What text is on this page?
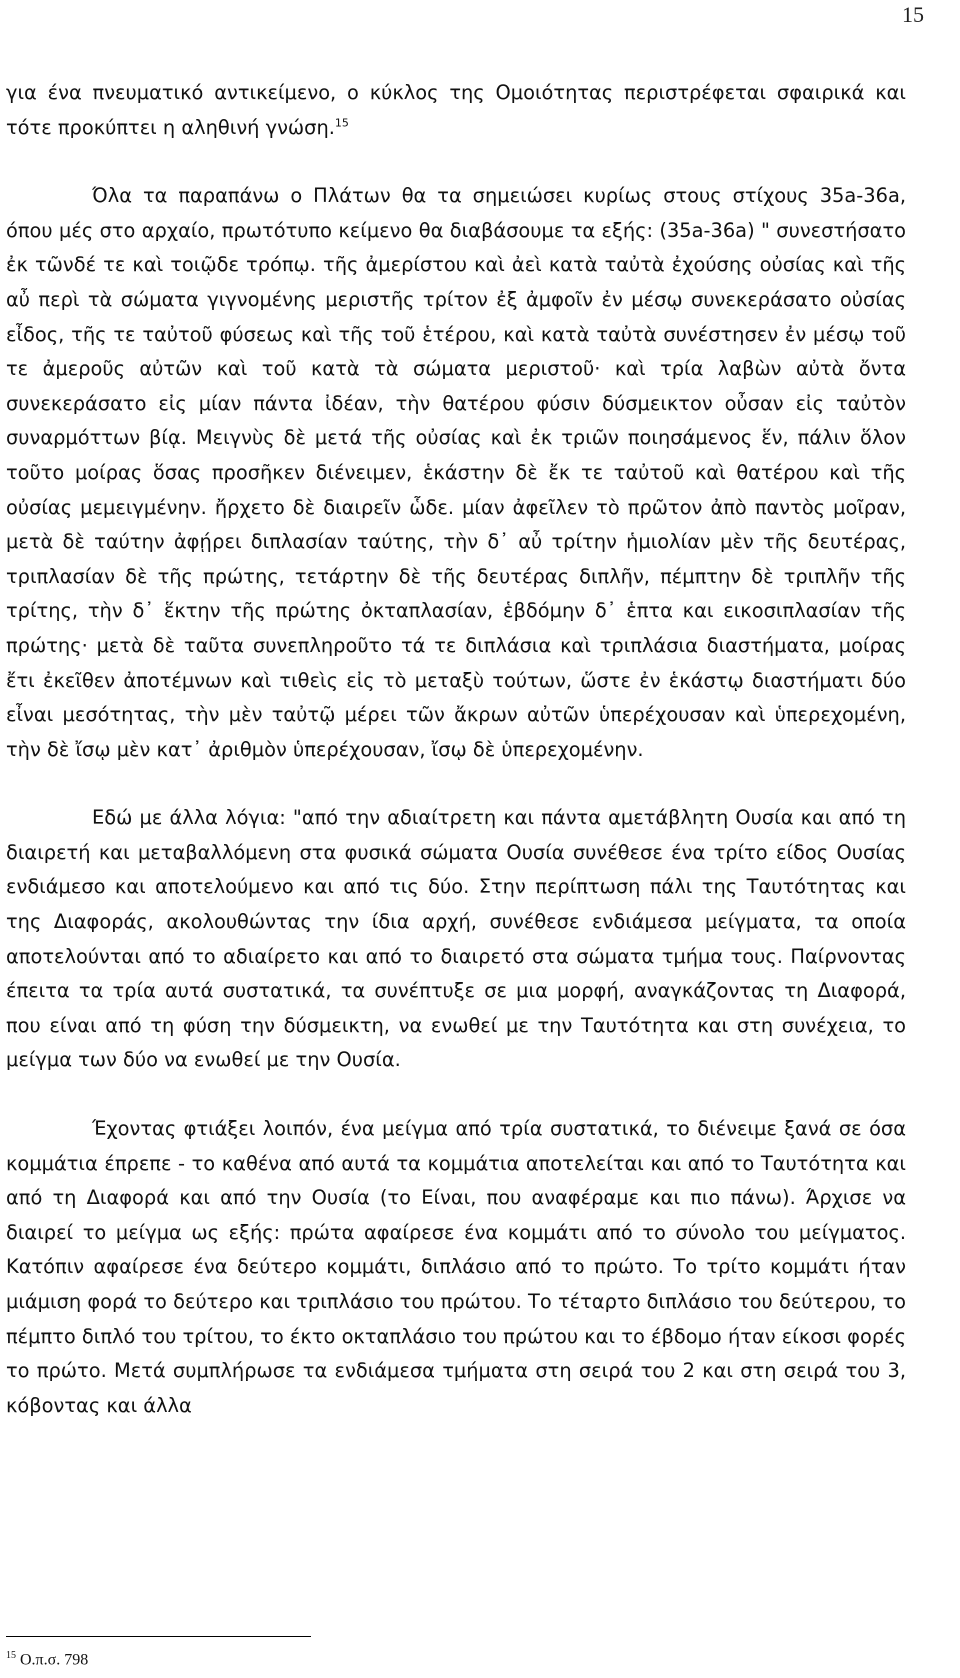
15

για ένα πνευματικό αντικείμενο, ο κύκλος της Ομοιότητας περιστρέφεται σφαιρικά και τότε προκύπτει η αληθινή γνώση.$^{15}$

Όλα τα παραπάνω ο Πλάτων θα τα σημειώσει κυρίως στους στίχους 35a-36a, όπου μές στο αρχαίο, πρωτότυπο κείμενο θα διαβάσουμε τα εξής: (35a-36a) " συνεστήσατο ἐκ τῶνδέ τε καὶ τοιῷδε τρόπῳ. τῆς ἀμερίστου καὶ ἀεὶ κατὰ ταὐτὰ ἐχούσης οὐσίας καὶ τῆς αὖ περὶ τὰ σώματα γιγνομένης μεριστῆς τρίτον ἐξ ἀμφοῖν ἐν μέσῳ συνεκεράσατο οὐσίας εἶδος, τῆς τε ταὐτοῦ φύσεως καὶ τῆς τοῦ ἑτέρου, καὶ κατὰ ταὐτὰ συνέστησεν ἐν μέσῳ τοῦ τε ἀμεροῦς αὐτῶν καὶ τοῦ κατὰ τὰ σώματα μεριστοῦ· καὶ τρία λαβὼν αὐτὰ ὄντα συνεκεράσατο εἰς μίαν πάντα ἰδέαν, τὴν θατέρου φύσιν δύσμεικτον οὖσαν εἰς ταὐτὸν συναρμόττων βίᾳ. Μειγνὺς δὲ μετά τῆς οὐσίας καὶ ἐκ τριῶν ποιησάμενος ἕν, πάλιν ὅλον τοῦτο μοίρας ὅσας προσῆκεν διένειμεν, ἑκάστην δὲ ἔκ τε ταὐτοῦ καὶ θατέρου καὶ τῆς οὐσίας μεμειγμένην. ἤρχετο δὲ διαιρεῖν ὧδε. μίαν ἀφεῖλεν τὸ πρῶτον ἀπὸ παντὸς μοῖραν, μετὰ δὲ ταύτην ἀφῄρει διπλασίαν ταύτης, τὴν δ᾽ αὖ τρίτην ἡμιολίαν μὲν τῆς δευτέρας, τριπλασίαν δὲ τῆς πρώτης, τετάρτην δὲ τῆς δευτέρας διπλῆν, πέμπτην δὲ τριπλῆν τῆς τρίτης, τὴν δ᾽ ἕκτην τῆς πρώτης ὀκταπλασίαν, ἑβδόμην δ᾽ ἑπτα και εικοσιπλασίαν τῆς πρώτης· μετὰ δὲ ταῦτα συνεπληροῦτο τά τε διπλάσια καὶ τριπλάσια διαστήματα, μοίρας ἔτι ἐκεῖθεν ἀποτέμνων καὶ τιθεὶς εἰς τὸ μεταξὺ τούτων, ὥστε ἐν ἑκάστῳ διαστήματι δύο εἶναι μεσότητας, τὴν μὲν ταὐτῷ μέρει τῶν ἄκρων αὐτῶν ὑπερέχουσαν καὶ ὑπερεχομένη, τὴν δὲ ἴσῳ μὲν κατ᾽ ἀριθμὸν ὑπερέχουσαν, ἴσῳ δὲ ὑπερεχομένην.

Εδώ με άλλα λόγια: "από την αδιαίτρετη και πάντα αμετάβλητη Ουσία και από τη διαιρετή και μεταβαλλόμενη στα φυσικά σώματα Ουσία συνέθεσε ένα τρίτο είδος Ουσίας ενδιάμεσο και αποτελούμενο και από τις δύο. Στην περίπτωση πάλι της Ταυτότητας και της Διαφοράς, ακολουθώντας την ίδια αρχή, συνέθεσε ενδιάμεσα μείγματα, τα οποία αποτελούνται από το αδιαίρετο και από το διαιρετό στα σώματα τμήμα τους. Παίρνοντας έπειτα τα τρία αυτά συστατικά, τα συνέπτυξε σε μια μορφή, αναγκάζοντας τη Διαφορά, που είναι από τη φύση την δύσμεικτη, να ενωθεί με την Ταυτότητα και στη συνέχεια, το μείγμα των δύο να ενωθεί με την Ουσία.

Έχοντας φτιάξει λοιπόν, ένα μείγμα από τρία συστατικά, το διένειμε ξανά σε όσα κομμάτια έπρεπε - το καθένα από αυτά τα κομμάτια αποτελείται και από το Ταυτότητα και από τη Διαφορά και από την Ουσία (το Είναι, που αναφέραμε και πιο πάνω). Άρχισε να διαιρεί το μείγμα ως εξής: πρώτα αφαίρεσε ένα κομμάτι από το σύνολο του μείγματος. Κατόπιν αφαίρεσε ένα δεύτερο κομμάτι, διπλάσιο από το πρώτο. Το τρίτο κομμάτι ήταν μιάμιση φορά το δεύτερο και τριπλάσιο του πρώτου. Το τέταρτο διπλάσιο του δεύτερου, το πέμπτο διπλό του τρίτου, το έκτο οκταπλάσιο του πρώτου και το έβδομο ήταν είκοσι φορές το πρώτο. Μετά συμπλήρωσε τα ενδιάμεσα τμήματα στη σειρά του 2 και στη σειρά του 3, κόβοντας και άλλα

$^{15}$ Ο.π.σ. 798
